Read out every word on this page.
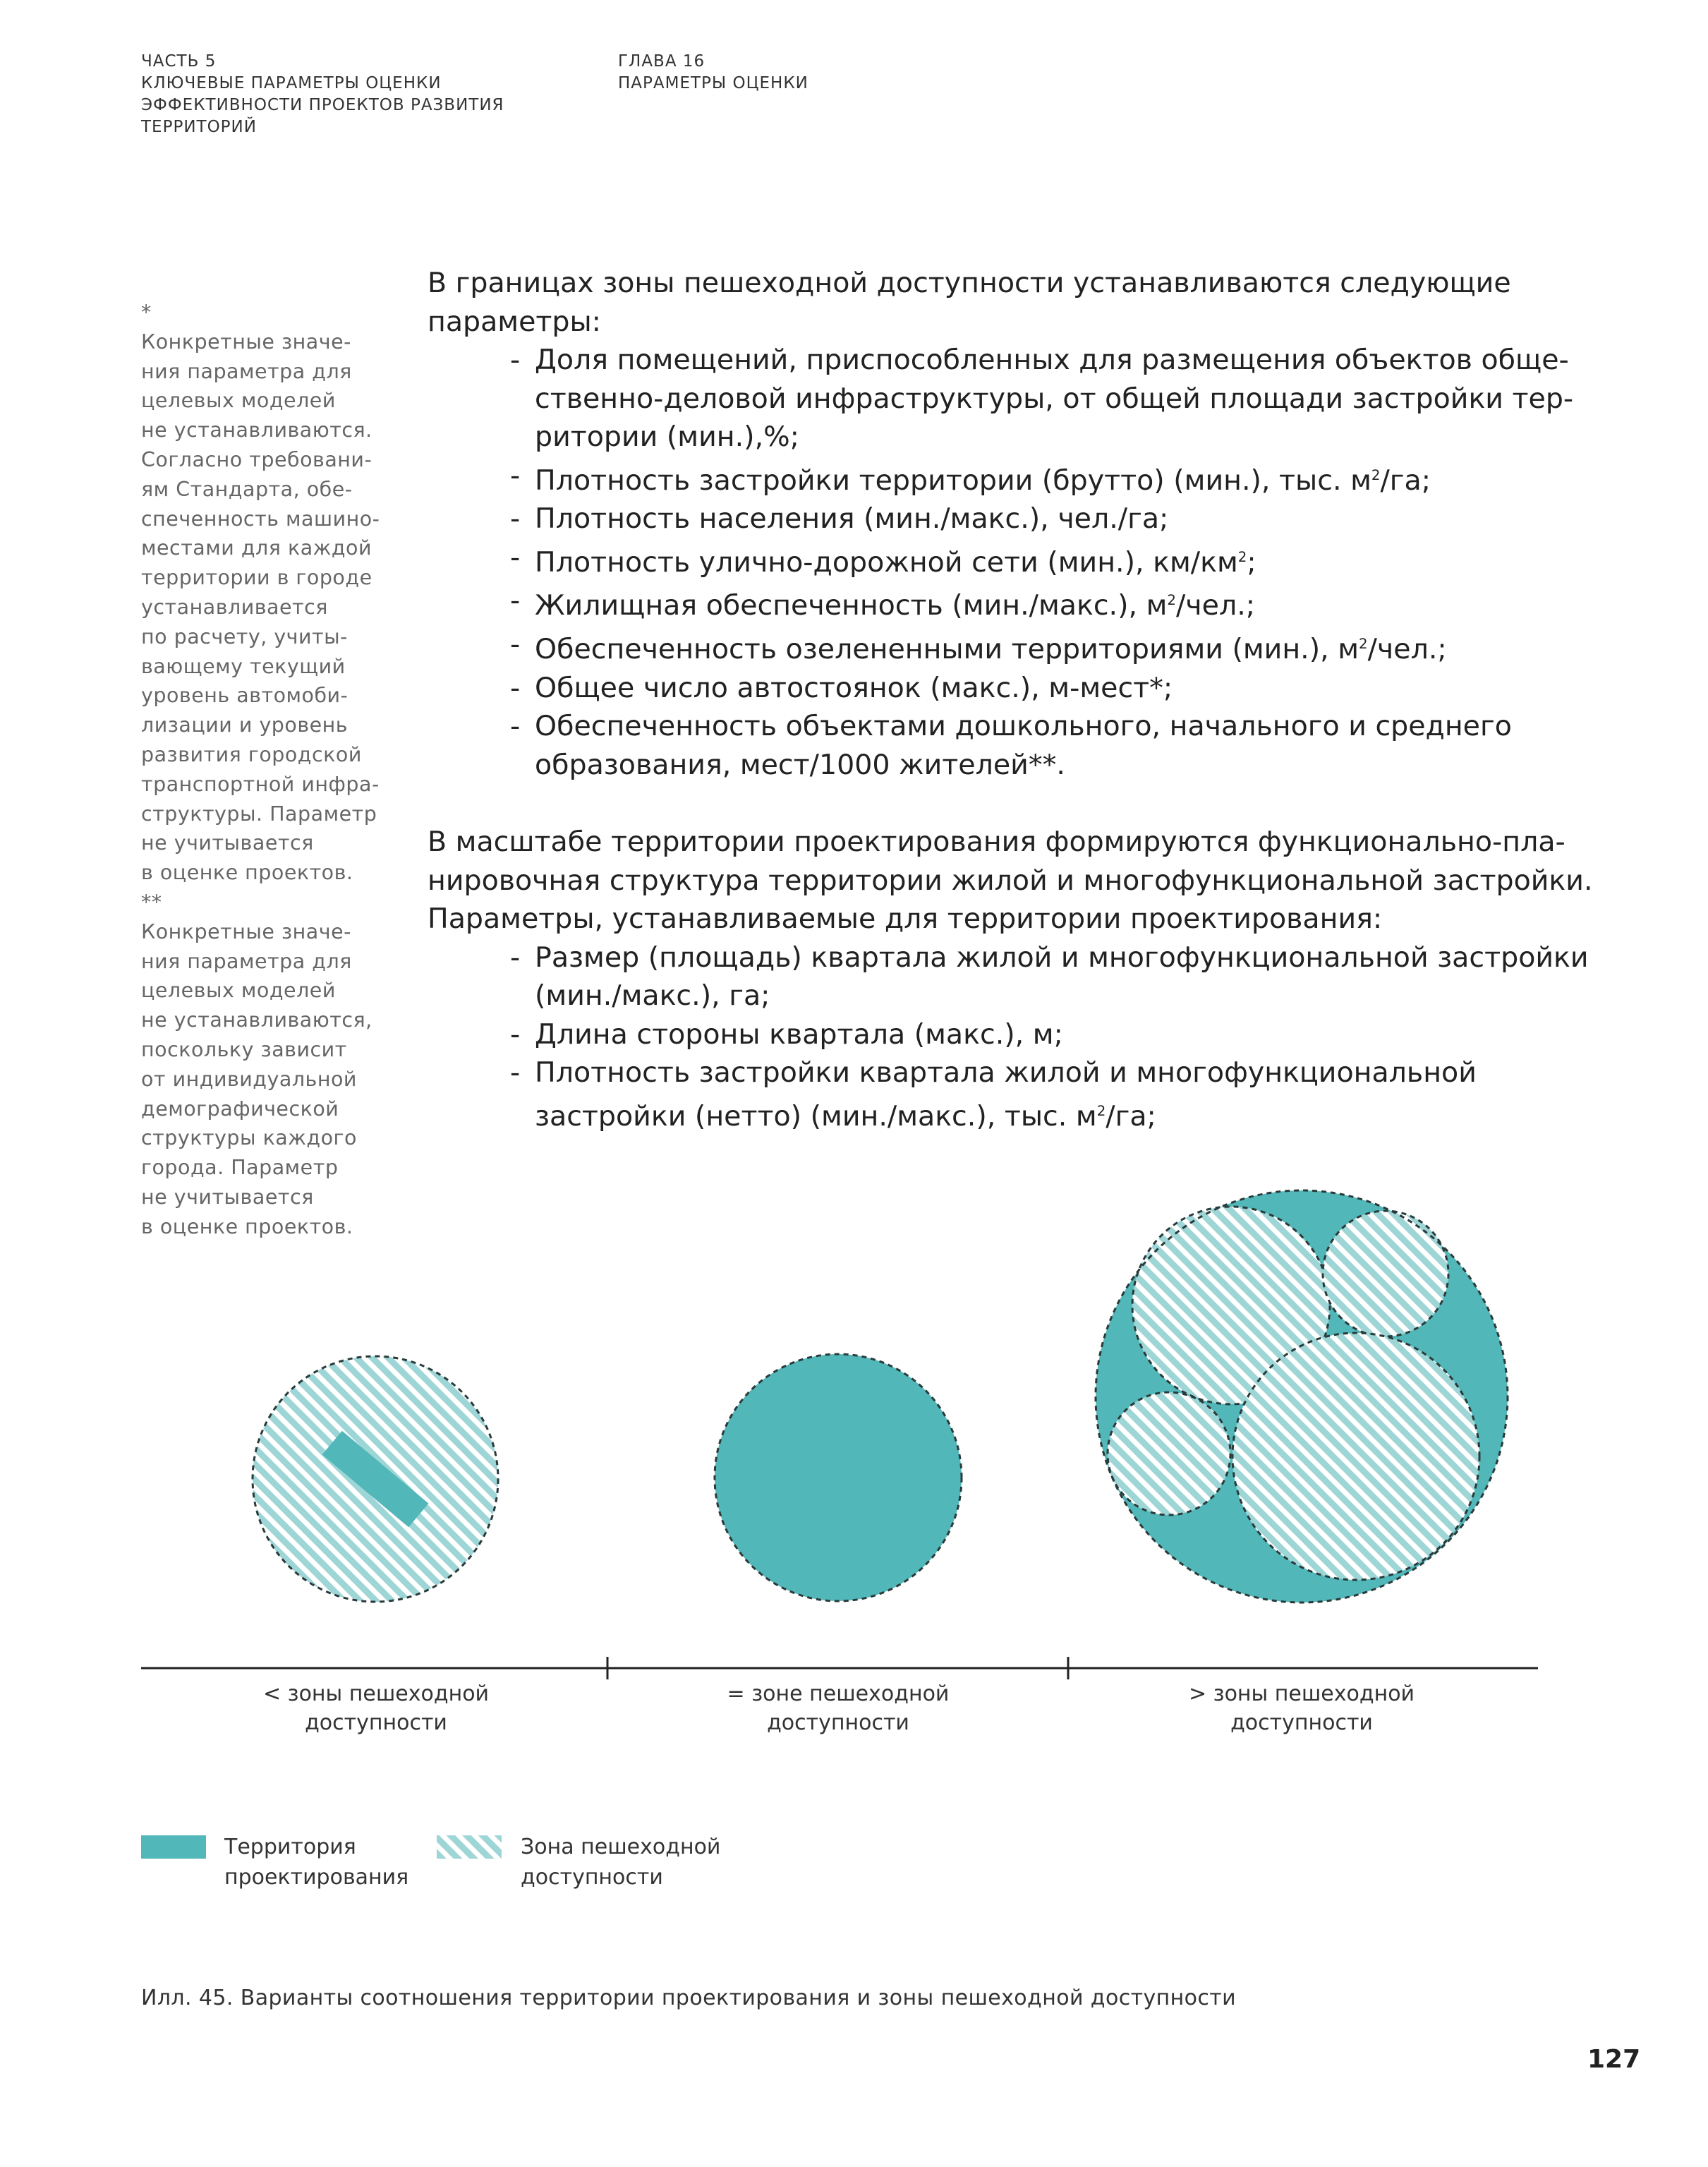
ЧАСТЬ 5
КЛЮЧЕВЫЕ ПАРАМЕТРЫ ОЦЕНКИ
ЭФФЕКТИВНОСТИ ПРОЕКТОВ РАЗВИТИЯ
ТЕРРИТОРИЙ
ГЛАВА 16
ПАРАМЕТРЫ ОЦЕНКИ
*
Конкретные значе-
ния параметра для
целевых моделей
не устанавливаются.
Согласно требовани-
ям Стандарта, обе-
спеченность машино-
местами для каждой
территории в городе
устанавливается
по расчету, учиты-
вающему текущий
уровень автомоби-
лизации и уровень
развития городской
транспортной инфра-
структуры. Параметр
не учитывается
в оценке проектов.
**
Конкретные значе-
ния параметра для
целевых моделей
не устанавливаются,
поскольку зависит
от индивидуальной
демографической
структуры каждого
города. Параметр
не учитывается
в оценке проектов.
В границах зоны пешеходной доступности устанавливаются следующие
параметры:
- Доля помещений, приспособленных для размещения объектов обще-
ственно-деловой инфраструктуры, от общей площади застройки тер-
ритории (мин.),%;
- Плотность застройки территории (брутто) (мин.), тыс. $м^2/га$;
- Плотность населения (мин./макс.), чел./га;
- Плотность улично-дорожной сети (мин.), $км/км^2$;
- Жилищная обеспеченность (мин./макс.), $м^2$/чел.;
- Обеспеченность озелененными территориями (мин.), $м^2$/чел.;
- Общее число автостоянок (макс.), м-мест*;
- Обеспеченность объектами дошкольного, начального и среднего
образования, мест/1000 жителей**.
В масштабе территории проектирования формируются функционально-пла-
нировочная структура территории жилой и многофункциональной застройки.
Параметры, устанавливаемые для территории проектирования:
- Размер (площадь) квартала жилой и многофункциональной застройки
(мин./макс.), га;
- Длина стороны квартала (макс.), м;
- Плотность застройки квартала жилой и многофункциональной
застройки (нетто) (мин./макс.), тыс. $м^2/га$;
< зоны пешеходной
доступности
= зоне пешеходной
доступности
> зоны пешеходной
доступности
Территория
проектирования
Зона пешеходной
доступности
Илл. 45. Варианты соотношения территории проектирования и зоны пешеходной доступности
127
